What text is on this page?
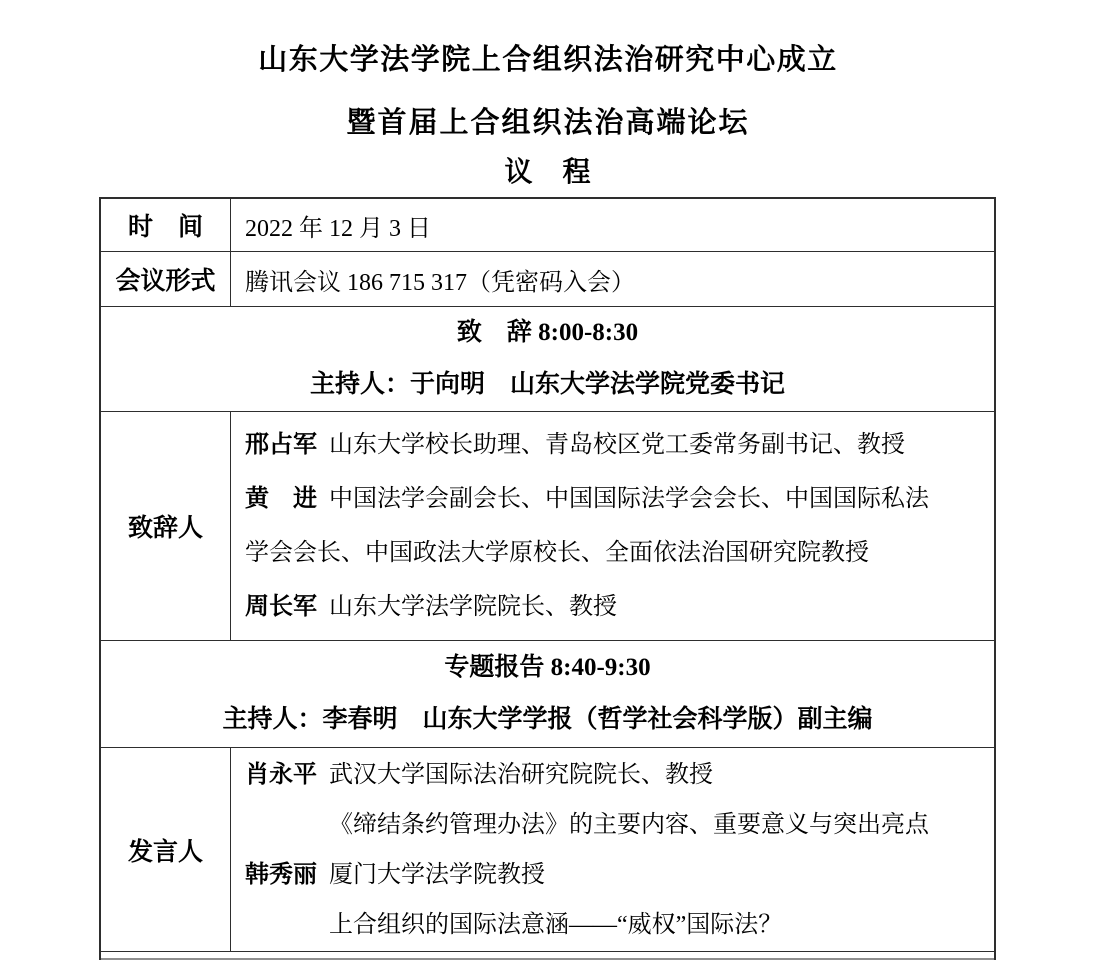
山东大学法学院上合组织法治研究中心成立
暨首届上合组织法治高端论坛
议　程
时　间	2022 年 12 月 3 日
会议形式	腾讯会议 186 715 317（凭密码入会）
致　辞 8:00-8:30
主持人：于向明　山东大学法学院党委书记
致辞人

邢占军 山东大学校长助理、青岛校区党工委常务副书记、教授

黄　进 中国法学会副会长、中国国际法学会会长、中国国际私法学会会长、中国政法大学原校长、全面依法治国研究院教授

周长军 山东大学法学院院长、教授

专题报告 8:40-9:30
主持人：李春明　山东大学学报（哲学社会科学版）副主编
发言人

肖永平 武汉大学国际法治研究院院长、教授

《缔结条约管理办法》的主要内容、重要意义与突出亮点

韩秀丽 厦门大学法学院教授

上合组织的国际法意涵——“威权”国际法？
